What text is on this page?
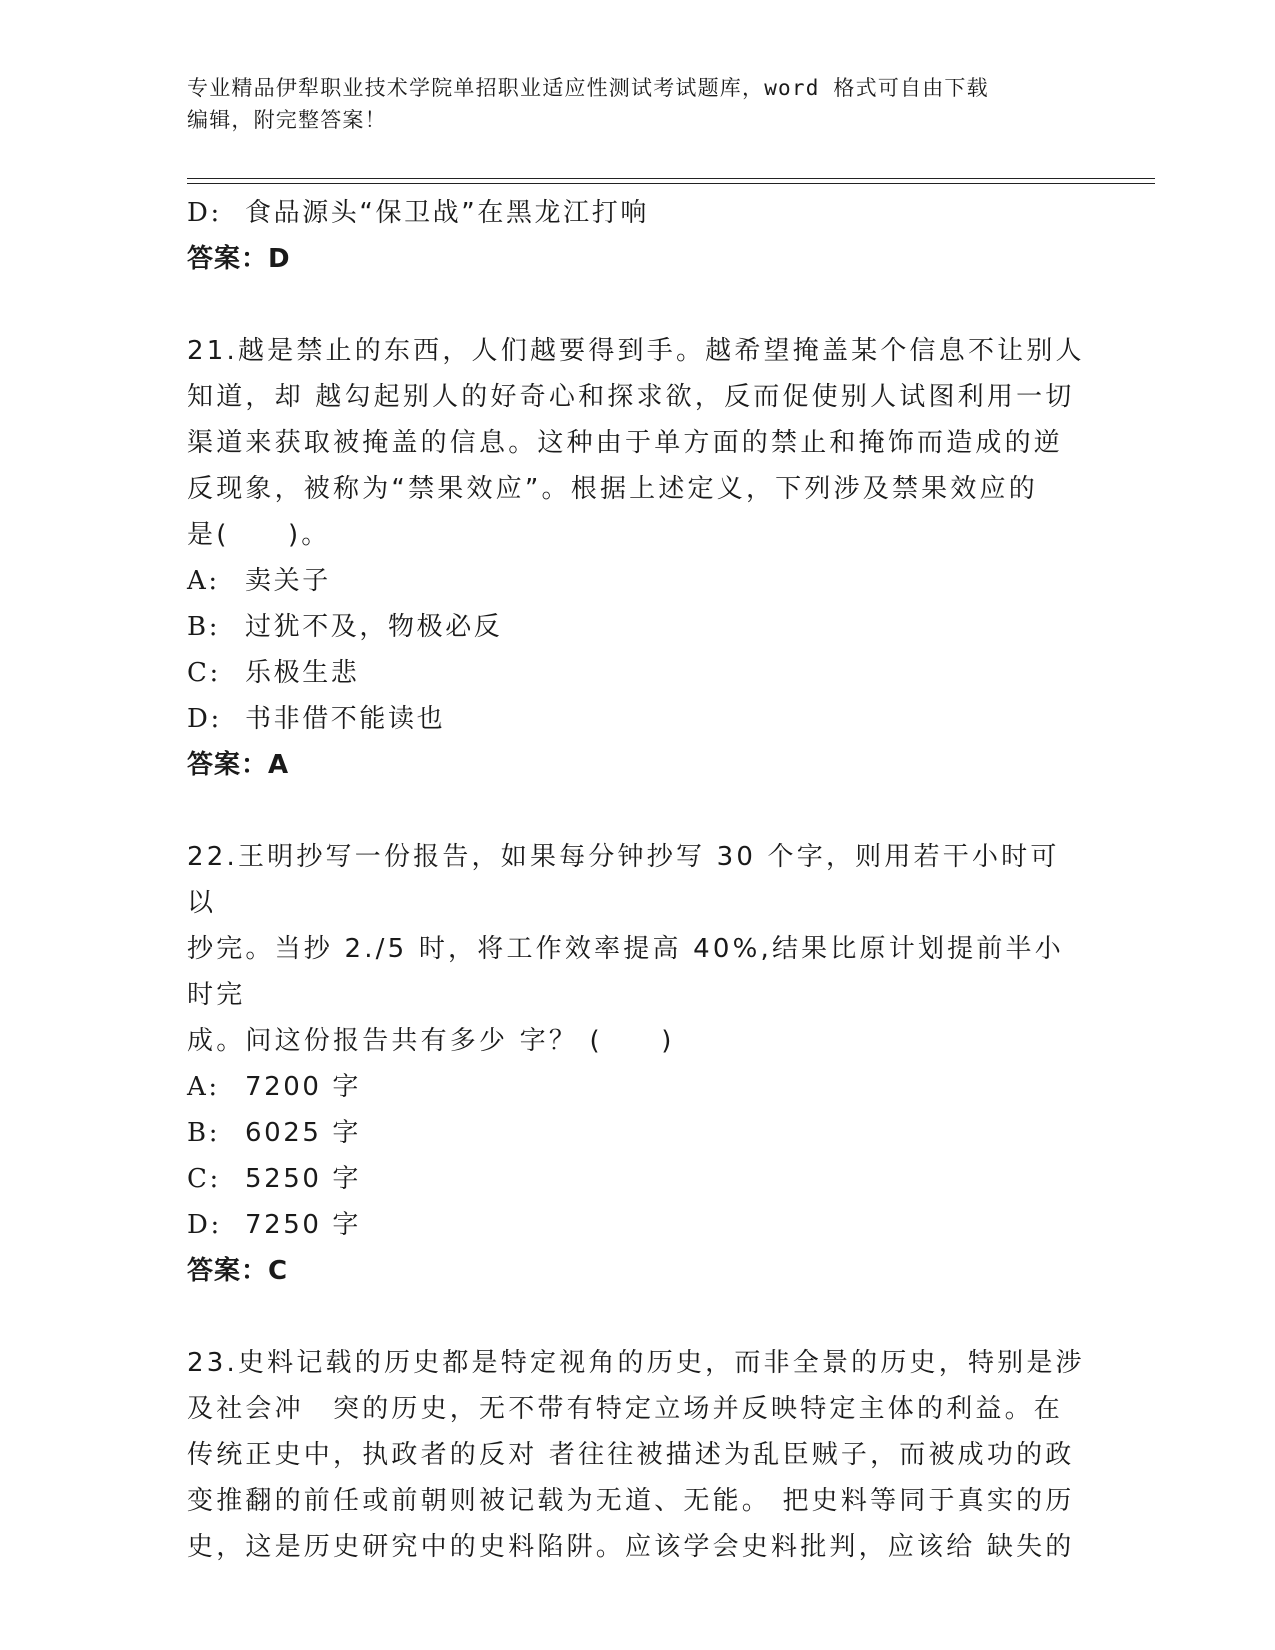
专业精品伊犁职业技术学院单招职业适应性测试考试题库，word 格式可自由下载
编辑，附完整答案！
D: 食品源头“保卫战”在黑龙江打响
答案：D
21.越是禁止的东西，人们越要得到手。越希望掩盖某个信息不让别人
知道，却 越勾起别人的好奇心和探求欲，反而促使别人试图利用一切
渠道来获取被掩盖的信息。这种由于单方面的禁止和掩饰而造成的逆
反现象，被称为“禁果效应”。根据上述定义，下列涉及禁果效应的
是(　　)。
A: 卖关子
B: 过犹不及，物极必反
C: 乐极生悲
D: 书非借不能读也
答案：A
22.王明抄写一份报告，如果每分钟抄写 30 个字，则用若干小时可以
抄完。当抄 2./5 时，将工作效率提高 40%,结果比原计划提前半小时完
成。问这份报告共有多少 字？ (　　)
A: 7200 字
B: 6025 字
C: 5250 字
D: 7250 字
答案：C
23.史料记载的历史都是特定视角的历史，而非全景的历史，特别是涉
及社会冲　突的历史，无不带有特定立场并反映特定主体的利益。在
传统正史中，执政者的反对 者往往被描述为乱臣贼子，而被成功的政
变推翻的前任或前朝则被记载为无道、无能。 把史料等同于真实的历
史，这是历史研究中的史料陷阱。应该学会史料批判，应该给 缺失的
